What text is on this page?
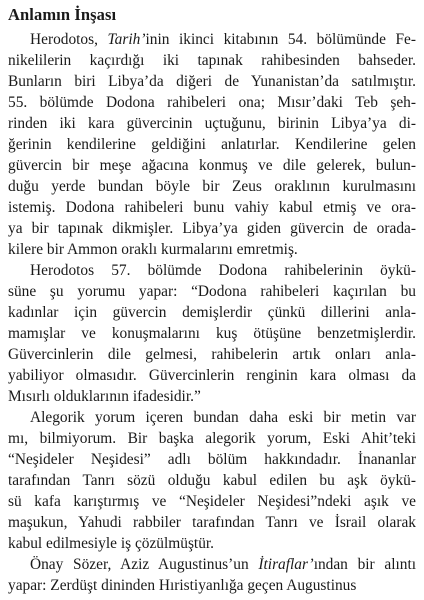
Anlamın İnşası
Herodotos, Tarih’inin ikinci kitabının 54. bölümünde Fe-
nikelilerin kaçırdığı iki tapınak rahibesinden bahseder.
Bunların biri Libya’da diğeri de Yunanistan’da satılmıştır.
55. bölümde Dodona rahibeleri ona; Mısır’daki Teb şeh-
rinden iki kara güvercinin uçtuğunu, birinin Libya’ya di-
ğerinin kendilerine geldiğini anlatırlar. Kendilerine gelen
güvercin bir meşe ağacına konmuş ve dile gelerek, bulun-
duğu yerde bundan böyle bir Zeus oraklının kurulmasını
istemiş. Dodona rahibeleri bunu vahiy kabul etmiş ve ora-
ya bir tapınak dikmişler. Libya’ya giden güvercin de orada-
kilere bir Ammon oraklı kurmalarını emretmiş.
Herodotos 57. bölümde Dodona rahibelerinin öykü-
süne şu yorumu yapar: “Dodona rahibeleri kaçırılan bu
kadınlar için güvercin demişlerdir çünkü dillerini anla-
mamışlar ve konuşmalarını kuş ötüşüne benzetmişlerdir.
Güvercinlerin dile gelmesi, rahibelerin artık onları anla-
yabiliyor olmasıdır. Güvercinlerin renginin kara olması da
Mısırlı olduklarının ifadesidir.”
Alegorik yorum içeren bundan daha eski bir metin var
mı, bilmiyorum. Bir başka alegorik yorum, Eski Ahit’teki
“Neşideler Neşidesi” adlı bölüm hakkındadır. İnananlar
tarafından Tanrı sözü olduğu kabul edilen bu aşk öykü-
sü kafa karıştırmış ve “Neşideler Neşidesi”ndeki aşık ve
maşukun, Yahudi rabbiler tarafından Tanrı ve İsrail olarak
kabul edilmesiyle iş çözülmüştür.
Önay Sözer, Aziz Augustinus’un İtiraflar’ından bir alıntı
yapar: Zerdüşt dininden Hıristiyanlığa geçen Augustinus
